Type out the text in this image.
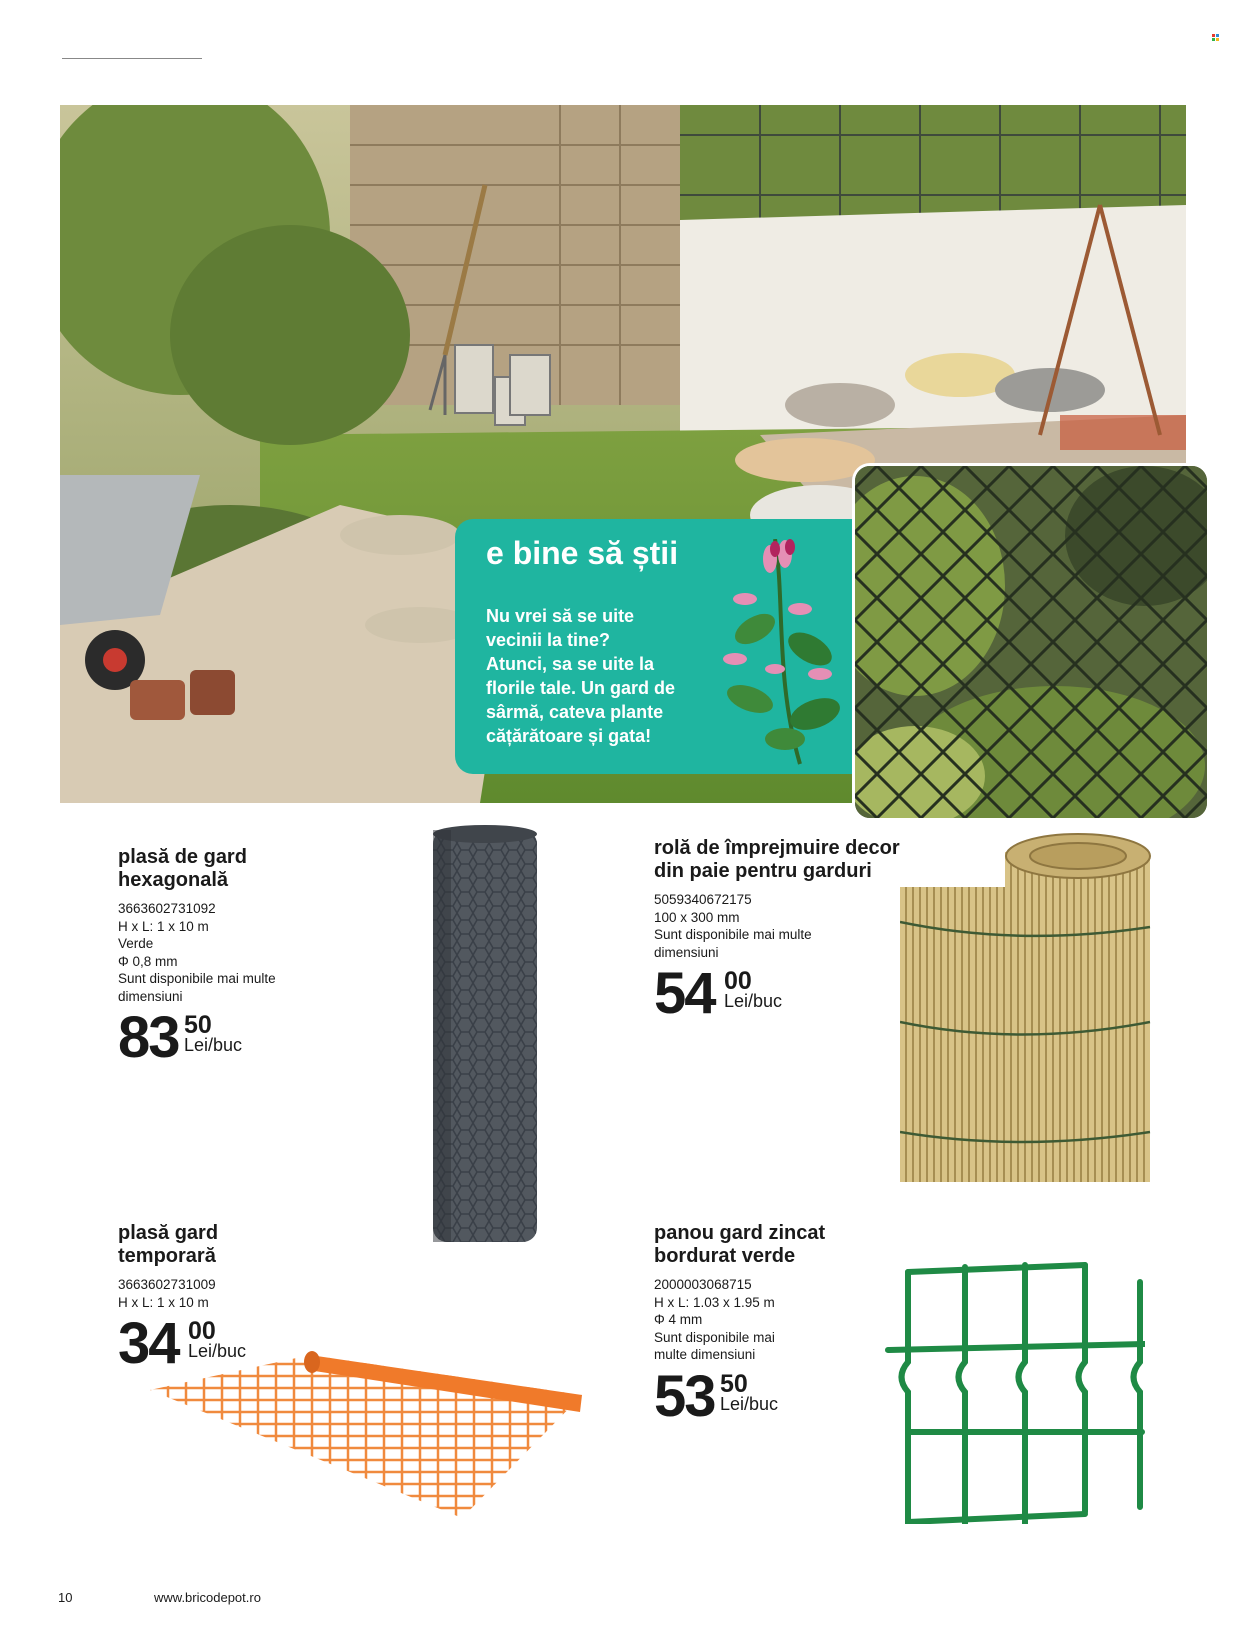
e bine să știi
Nu vrei să se uite
vecinii la tine?
Atunci, sa se uite la
florile tale. Un gard de
sârmă, cateva plante
cățărătoare și gata!
plasă de gard hexagonală
3663602731092
H x L: 1 x 10 m
Verde
Φ 0,8 mm
Sunt disponibile mai multe
dimensiuni
83 50
Lei/buc
rolă de împrejmuire decor din paie pentru garduri
5059340672175
100 x 300 mm
Sunt disponibile mai multe
dimensiuni
54 00
Lei/buc
plasă gard temporară
3663602731009
H x L: 1 x 10 m
34 00
Lei/buc
panou gard zincat bordurat verde
2000003068715
H x L: 1.03 x 1.95 m
Φ 4 mm
Sunt disponibile mai
multe dimensiuni
53 50
Lei/buc
10	www.bricodepot.ro
